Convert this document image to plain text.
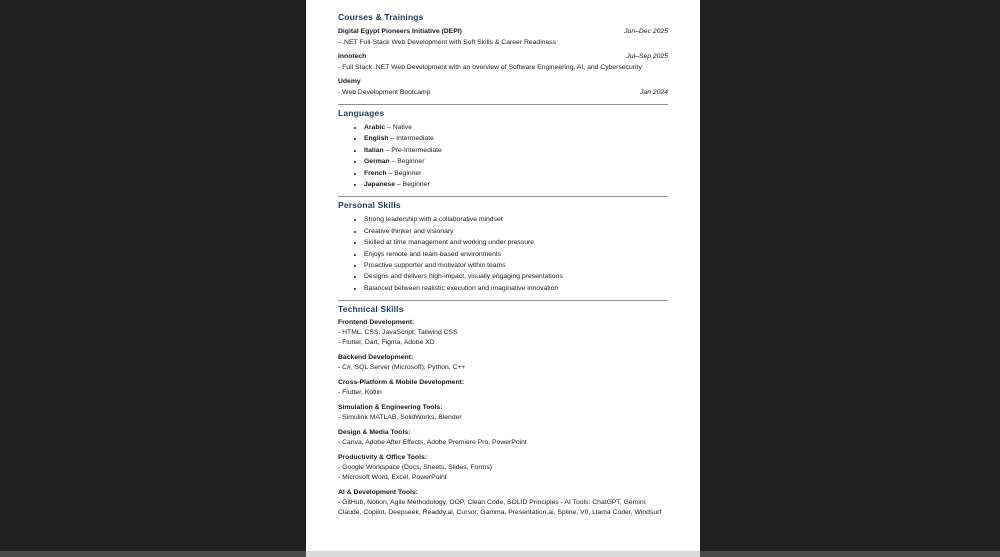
Courses & Trainings
Digital Egypt Pioneers Initiative (DEPI)	Jun–Dec 2025
- .NET Full-Stack Web Development with Soft Skills & Career Readiness
Innotech	Jul–Sep 2025
- Full Stack .NET Web Development with an overview of Software Engineering, AI, and Cybersecurity
Udemy
- Web Development Bootcamp	Jan 2024
Languages
• Arabic – Native
• English – Intermediate
• Italian – Pre-Intermediate
• German – Beginner
• French – Beginner
• Japanese – Beginner
Personal Skills
• Strong leadership with a collaborative mindset
• Creative thinker and visionary
• Skilled at time management and working under pressure
• Enjoys remote and team-based environments
• Proactive supporter and motivator within teams
• Designs and delivers high-impact, visually engaging presentations
• Balanced between realistic execution and imaginative innovation
Technical Skills
Frontend Development:
- HTML, CSS, JavaScript, Tailwind CSS
- Flutter, Dart, Figma, Adobe XD
Backend Development:
- C#, SQL Server (Microsoft), Python, C++
Cross-Platform & Mobile Development:
- Flutter, Kotlin
Simulation & Engineering Tools:
- Simulink MATLAB, SolidWorks, Blender
Design & Media Tools:
- Canva, Adobe After Effects, Adobe Premiere Pro, PowerPoint
Productivity & Office Tools:
- Google Workspace (Docs, Sheets, Slides, Forms)
- Microsoft Word, Excel, PowerPoint
AI & Development Tools:
- GitHub, Notion, Agile Methodology, OOP, Clean Code, SOLID Principles - AI Tools: ChatGPT, Gemini, Claude, Copilot, Deepseek, Readdy.ai, Cursor, Gamma, Presentation.ai, Spline, V0, Llama Coder, Windsurf
